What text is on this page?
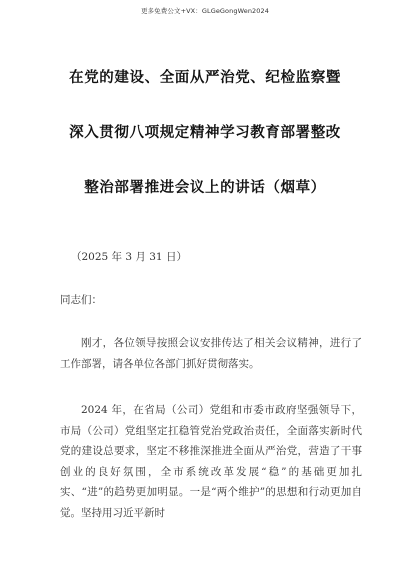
更多免费公文+VX：GLGeGongWen2024
在党的建设、全面从严治党、纪检监察暨
深入贯彻八项规定精神学习教育部署整改
整治部署推进会议上的讲话（烟草）
（2025 年 3 月 31 日）
同志们：

刚才，各位领导按照会议安排传达了相关会议精神，进行了工作部署，请各单位各部门抓好贯彻落实。

2024 年，在省局（公司）党组和市委市政府坚强领导下，市局（公司）党组坚定扛稳管党治党政治责任，全面落实新时代党的建设总要求，坚定不移推深推进全面从严治党，营造了干事创业的良好氛围，全市系统改革发展“稳”的基础更加扎实、“进”的趋势更加明显。一是“两个维护”的思想和行动更加自觉。坚持用习近平新时
